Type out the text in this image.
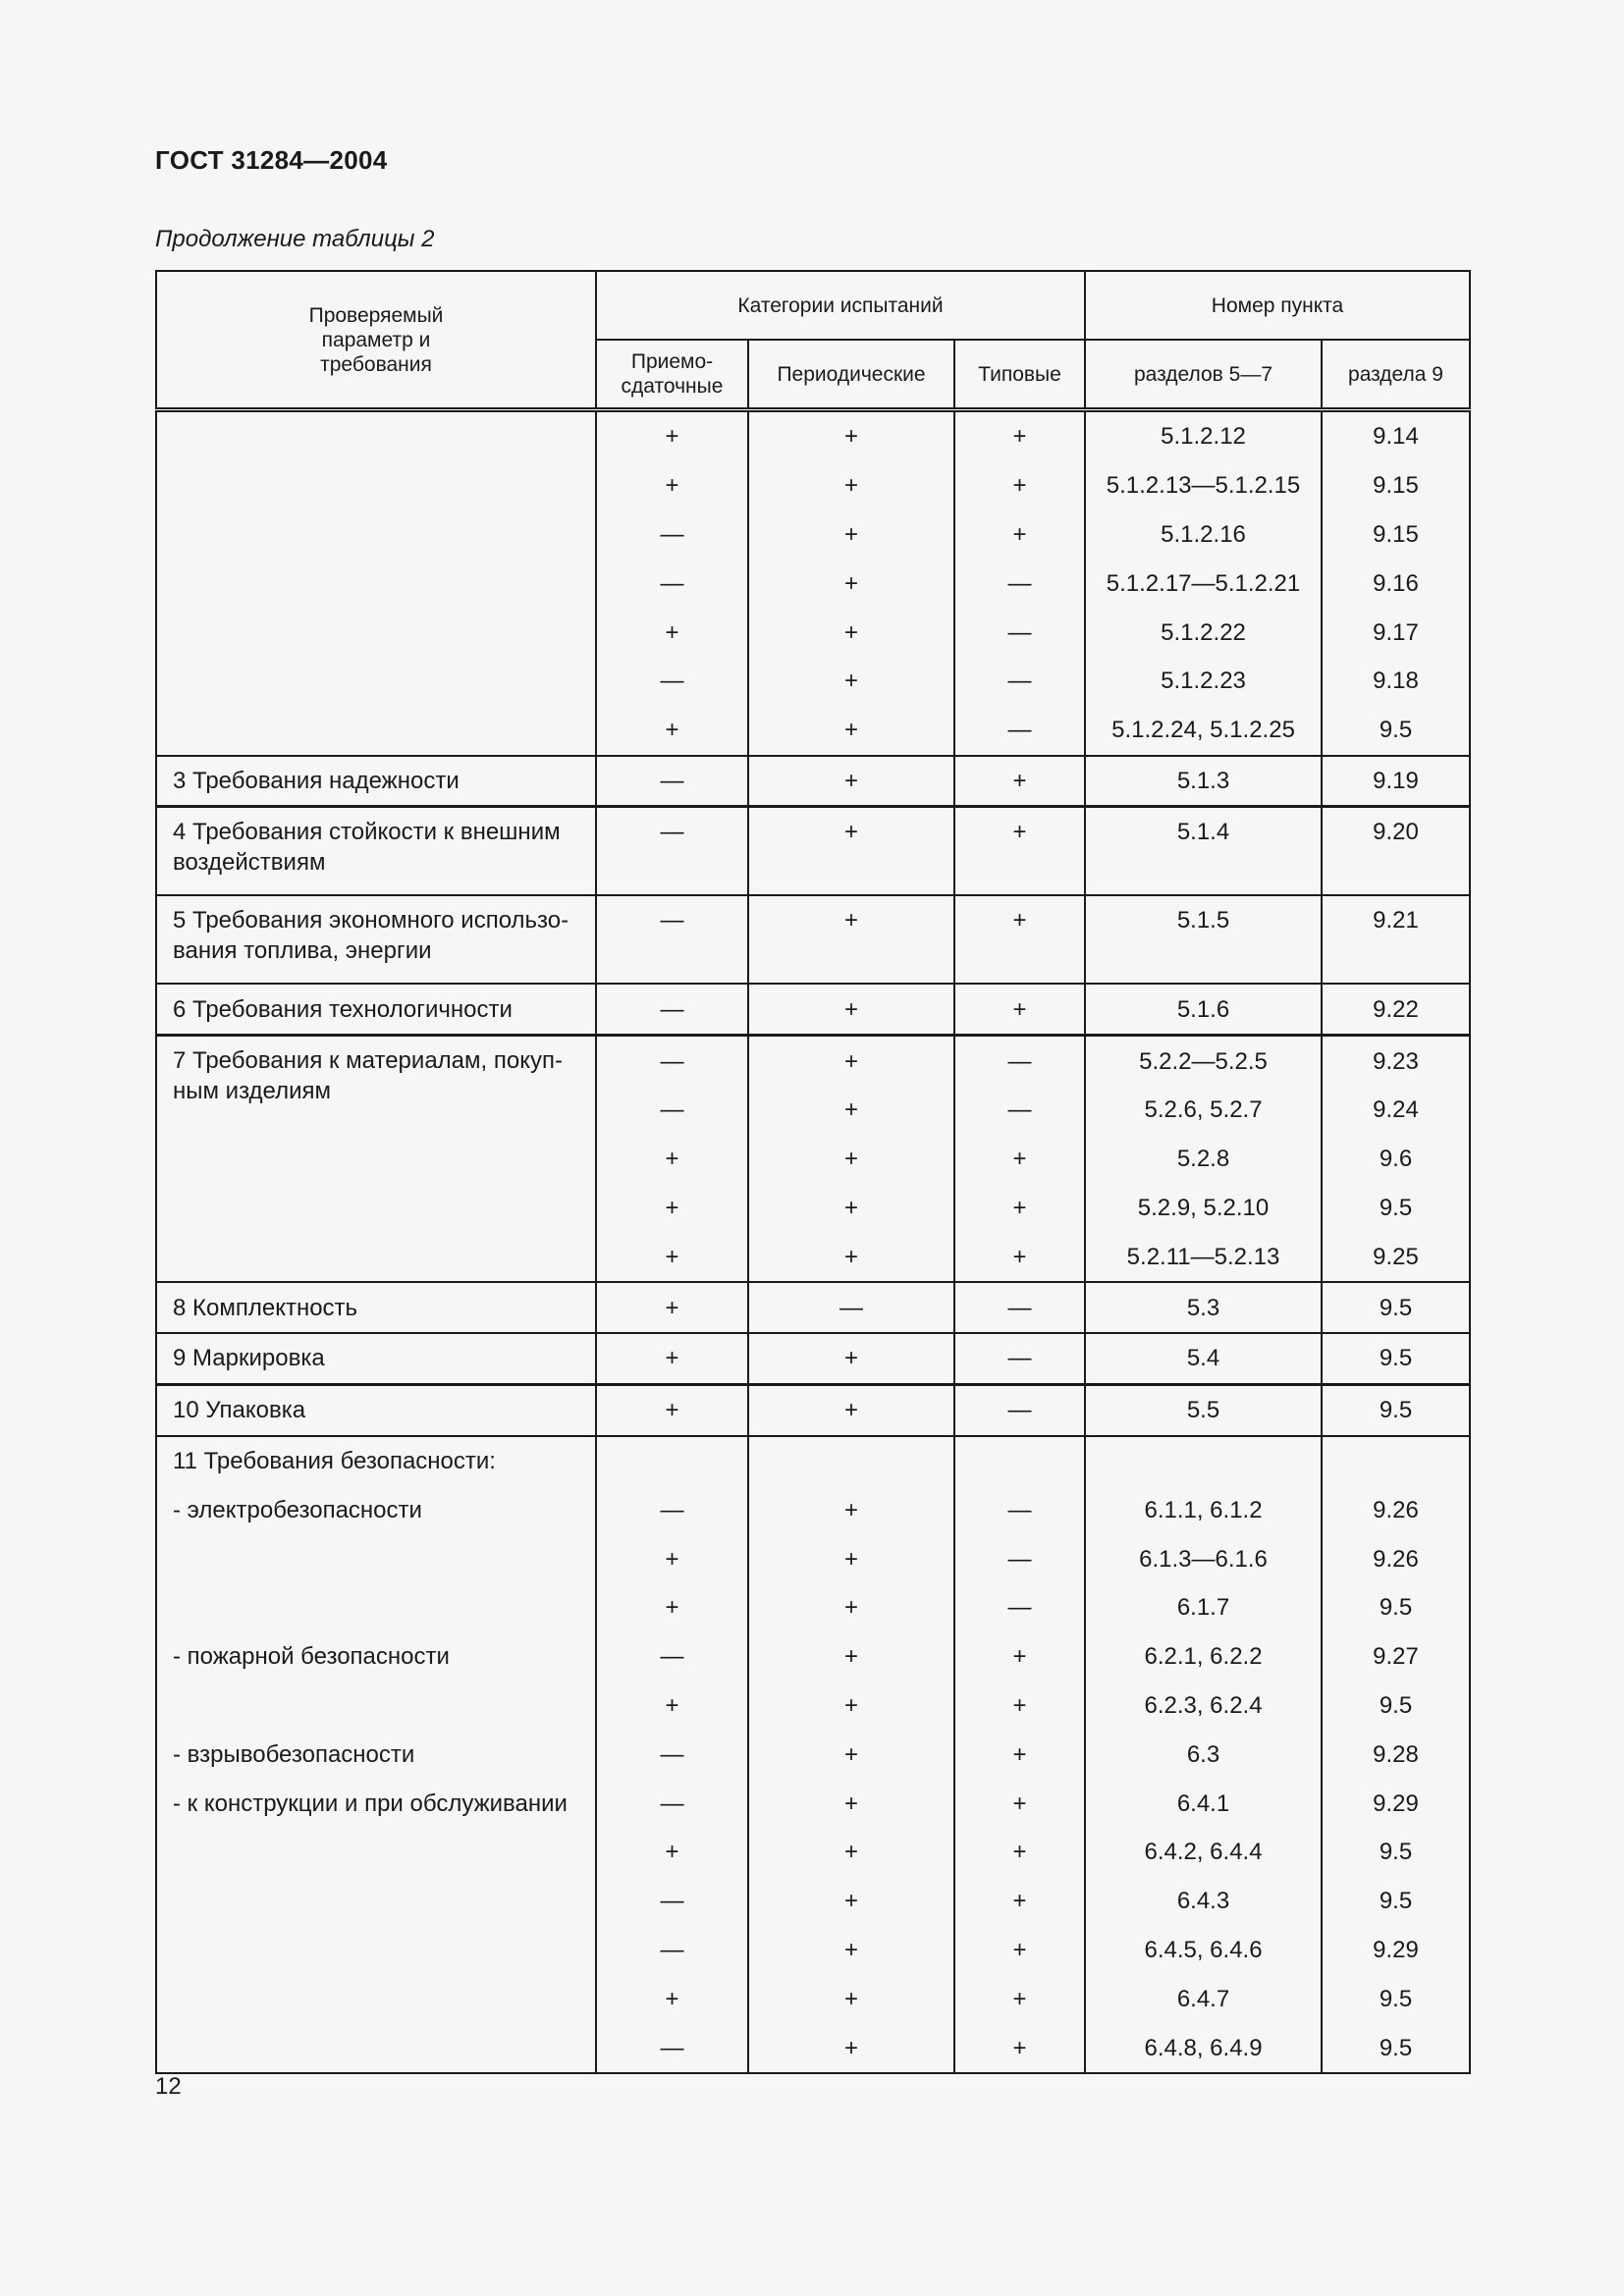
ГОСТ 31284—2004
Продолжение таблицы 2
Проверяемый параметр и требования	Категории испытаний			Номер пункта	
	Приемо-сдаточные	Периодические	Типовые	разделов 5—7	раздела 9
	+	+	+	5.1.2.12	9.14
	+	+	+	5.1.2.13—5.1.2.15	9.15
	—	+	+	5.1.2.16	9.15
	—	+	—	5.1.2.17—5.1.2.21	9.16
	+	+	—	5.1.2.22	9.17
	—	+	—	5.1.2.23	9.18
	+	+	—	5.1.2.24, 5.1.2.25	9.5
3 Требования надежности	—	+	+	5.1.3	9.19
4 Требования стойкости к внешним воздействиям	—	+	+	5.1.4	9.20
5 Требования экономного использо-вания топлива, энергии	—	+	+	5.1.5	9.21
6 Требования технологичности	—	+	+	5.1.6	9.22
7 Требования к материалам, покуп-ным изделиям	—	+	—	5.2.2—5.2.5	9.23
	—	+	—	5.2.6, 5.2.7	9.24
	+	+	+	5.2.8	9.6
	+	+	+	5.2.9, 5.2.10	9.5
	+	+	+	5.2.11—5.2.13	9.25
8 Комплектность	+	—	—	5.3	9.5
9 Маркировка	+	+	—	5.4	9.5
10 Упаковка	+	+	—	5.5	9.5
11 Требования безопасности:					
- электробезопасности	—	+	—	6.1.1, 6.1.2	9.26
	+	+	—	6.1.3—6.1.6	9.26
	+	+	—	6.1.7	9.5
- пожарной безопасности	—	+	+	6.2.1, 6.2.2	9.27
	+	+	+	6.2.3, 6.2.4	9.5
- взрывобезопасности	—	+	+	6.3	9.28
- к конструкции и при обслуживании	—	+	+	6.4.1	9.29
	+	+	+	6.4.2, 6.4.4	9.5
	—	+	+	6.4.3	9.5
	—	+	+	6.4.5, 6.4.6	9.29
	+	+	+	6.4.7	9.5
	—	+	+	6.4.8, 6.4.9	9.5
12
